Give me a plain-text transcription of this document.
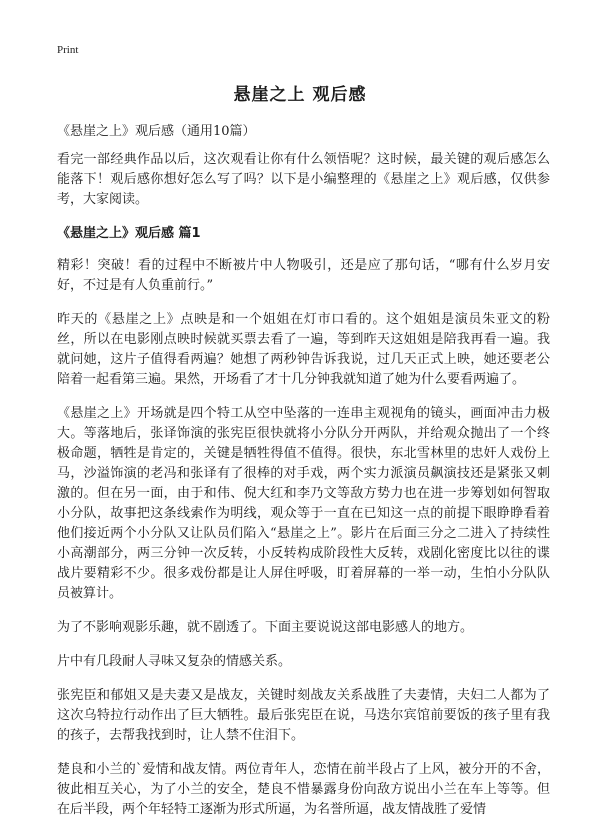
Print
悬崖之上 观后感
《悬崖之上》观后感（通用10篇）

看完一部经典作品以后，这次观看让你有什么领悟呢？这时候，最关键的观后感怎么能落下！观后感你想好怎么写了吗？以下是小编整理的《悬崖之上》观后感，仅供参考，大家阅读。

《悬崖之上》观后感 篇1

精彩！突破！看的过程中不断被片中人物吸引，还是应了那句话，“哪有什么岁月安好，不过是有人负重前行。”

昨天的《悬崖之上》点映是和一个姐姐在灯市口看的。这个姐姐是演员朱亚文的粉丝，所以在电影刚点映时候就买票去看了一遍，等到昨天这姐姐是陪我再看一遍。我就问她，这片子值得看两遍？她想了两秒钟告诉我说，过几天正式上映，她还要老公陪着一起看第三遍。果然，开场看了才十几分钟我就知道了她为什么要看两遍了。

《悬崖之上》开场就是四个特工从空中坠落的一连串主观视角的镜头，画面冲击力极大。等落地后，张译饰演的张宪臣很快就将小分队分开两队，并给观众抛出了一个终极命题，牺牲是肯定的，关键是牺牲得值不值得。很快，东北雪林里的忠奸人戏份上马，沙溢饰演的老冯和张译有了很棒的对手戏，两个实力派演员飙演技还是紧张又刺激的。但在另一面，由于和伟、倪大红和李乃文等敌方势力也在进一步筹划如何智取小分队，故事把这条线索作为明线，观众等于一直在已知这一点的前提下眼睁睁看着他们接近两个小分队又让队员们陷入“悬崖之上”。影片在后面三分之二进入了持续性小高潮部分，两三分钟一次反转，小反转构成阶段性大反转，戏剧化密度比以往的谍战片要精彩不少。很多戏份都是让人屏住呼吸，盯着屏幕的一举一动，生怕小分队队员被算计。

为了不影响观影乐趣，就不剧透了。下面主要说说这部电影感人的地方。

片中有几段耐人寻味又复杂的情感关系。

张宪臣和郁姐又是夫妻又是战友，关键时刻战友关系战胜了夫妻情，夫妇二人都为了这次乌特拉行动作出了巨大牺牲。最后张宪臣在说，马迭尔宾馆前要饭的孩子里有我的孩子，去帮我找到时，让人禁不住泪下。

楚良和小兰的`爱情和战友情。两位青年人，恋情在前半段占了上风，被分开的不舍，彼此相互关心，为了小兰的安全，楚良不惜暴露身份向敌方说出小兰在车上等等。但在后半段，两个年轻特工逐渐为形式所逼，为名誉所逼，战友情战胜了爱情
